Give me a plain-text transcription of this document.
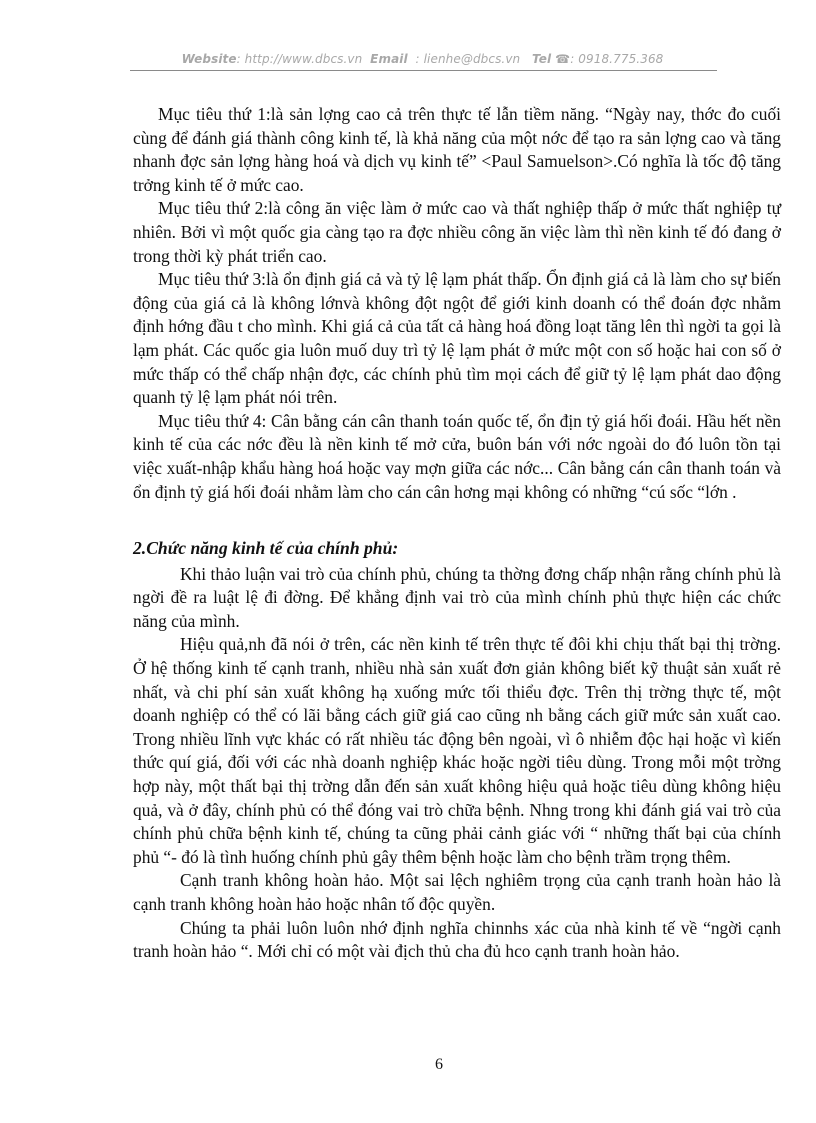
Website: http://www.dbcs.vn Email : lienhe@dbcs.vn Tel ☎: 0918.775.368

Mục tiêu thứ 1:là sản lợng cao cả trên thực tế lẫn tiềm năng. “Ngày nay, thớc đo cuối cùng để đánh giá thành công kinh tế, là khả năng của một nớc để tạo ra sản lợng cao và tăng nhanh đợc sản lợng hàng hoá và dịch vụ kinh tế” <Paul Samuelson>.Có nghĩa là tốc độ tăng trởng kinh tế ở mức cao.

Mục tiêu thứ 2:là công ăn việc làm ở mức cao và thất nghiệp thấp ở mức thất nghiệp tự nhiên. Bởi vì một quốc gia càng tạo ra đợc nhiều công ăn việc làm thì nền kinh tế đó đang ở trong thời kỳ phát triển cao.

Mục tiêu thứ 3:là ổn định giá cả và tỷ lệ lạm phát thấp. Ổn định giá cả là làm cho sự biến động của giá cả là không lớnvà không đột ngột để giới kinh doanh có thể đoán đợc nhằm định hớng đầu t cho mình. Khi giá cả của tất cả hàng hoá đồng loạt tăng lên thì ngời ta gọi là lạm phát. Các quốc gia luôn muố duy trì tỷ lệ lạm phát ở mức một con số hoặc hai con số ở mức thấp có thể chấp nhận đợc, các chính phủ tìm mọi cách để giữ tỷ lệ lạm phát dao động quanh tỷ lệ lạm phát nói trên.

Mục tiêu thứ 4: Cân bằng cán cân thanh toán quốc tế, ổn địn tỷ giá hối đoái. Hầu hết nền kinh tế của các nớc đều là nền kinh tế mở cửa, buôn bán với nớc ngoài do đó luôn tồn tại việc xuất-nhập khẩu hàng hoá hoặc vay mợn giữa các nớc... Cân bằng cán cân thanh toán và ổn định tỷ giá hối đoái nhằm làm cho cán cân hơng mại không có những “cú sốc “lớn .

2.Chức năng kinh tế của chính phủ:

Khi thảo luận vai trò của chính phủ, chúng ta thờng đơng chấp nhận rằng chính phủ là ngời đề ra luật lệ đi đờng. Để khẳng định vai trò của mình chính phủ thực hiện các chức năng của mình.

Hiệu quả,nh đã nói ở trên, các nền kinh tế trên thực tế đôi khi chịu thất bại thị trờng. Ở hệ thống kinh tế cạnh tranh, nhiều nhà sản xuất đơn giản không biết kỹ thuật sản xuất rẻ nhất, và chi phí sản xuất không hạ xuống mức tối thiểu đợc. Trên thị trờng thực tế, một doanh nghiệp có thể có lãi bằng cách giữ giá cao cũng nh bằng cách giữ mức sản xuất cao. Trong nhiều lĩnh vực khác có rất nhiều tác động bên ngoài, vì ô nhiễm độc hại hoặc vì kiến thức quí giá, đối với các nhà doanh nghiệp khác hoặc ngời tiêu dùng. Trong mỗi một trờng hợp này, một thất bại thị trờng dẫn đến sản xuất không hiệu quả hoặc tiêu dùng không hiệu quả, và ở đây, chính phủ có thể đóng vai trò chữa bệnh. Nhng trong khi đánh giá vai trò của chính phủ chữa bệnh kinh tế, chúng ta cũng phải cảnh giác với “ những thất bại của chính phủ “- đó là tình huống chính phủ gây thêm bệnh hoặc làm cho bệnh trầm trọng thêm.

Cạnh tranh không hoàn hảo. Một sai lệch nghiêm trọng của cạnh tranh hoàn hảo là cạnh tranh không hoàn hảo hoặc nhân tố độc quyền.

Chúng ta phải luôn luôn nhớ định nghĩa chinnhs xác của nhà kinh tế về “ngời cạnh tranh hoàn hảo “. Mới chỉ có một vài địch thủ cha đủ hco cạnh tranh hoàn hảo.

6
